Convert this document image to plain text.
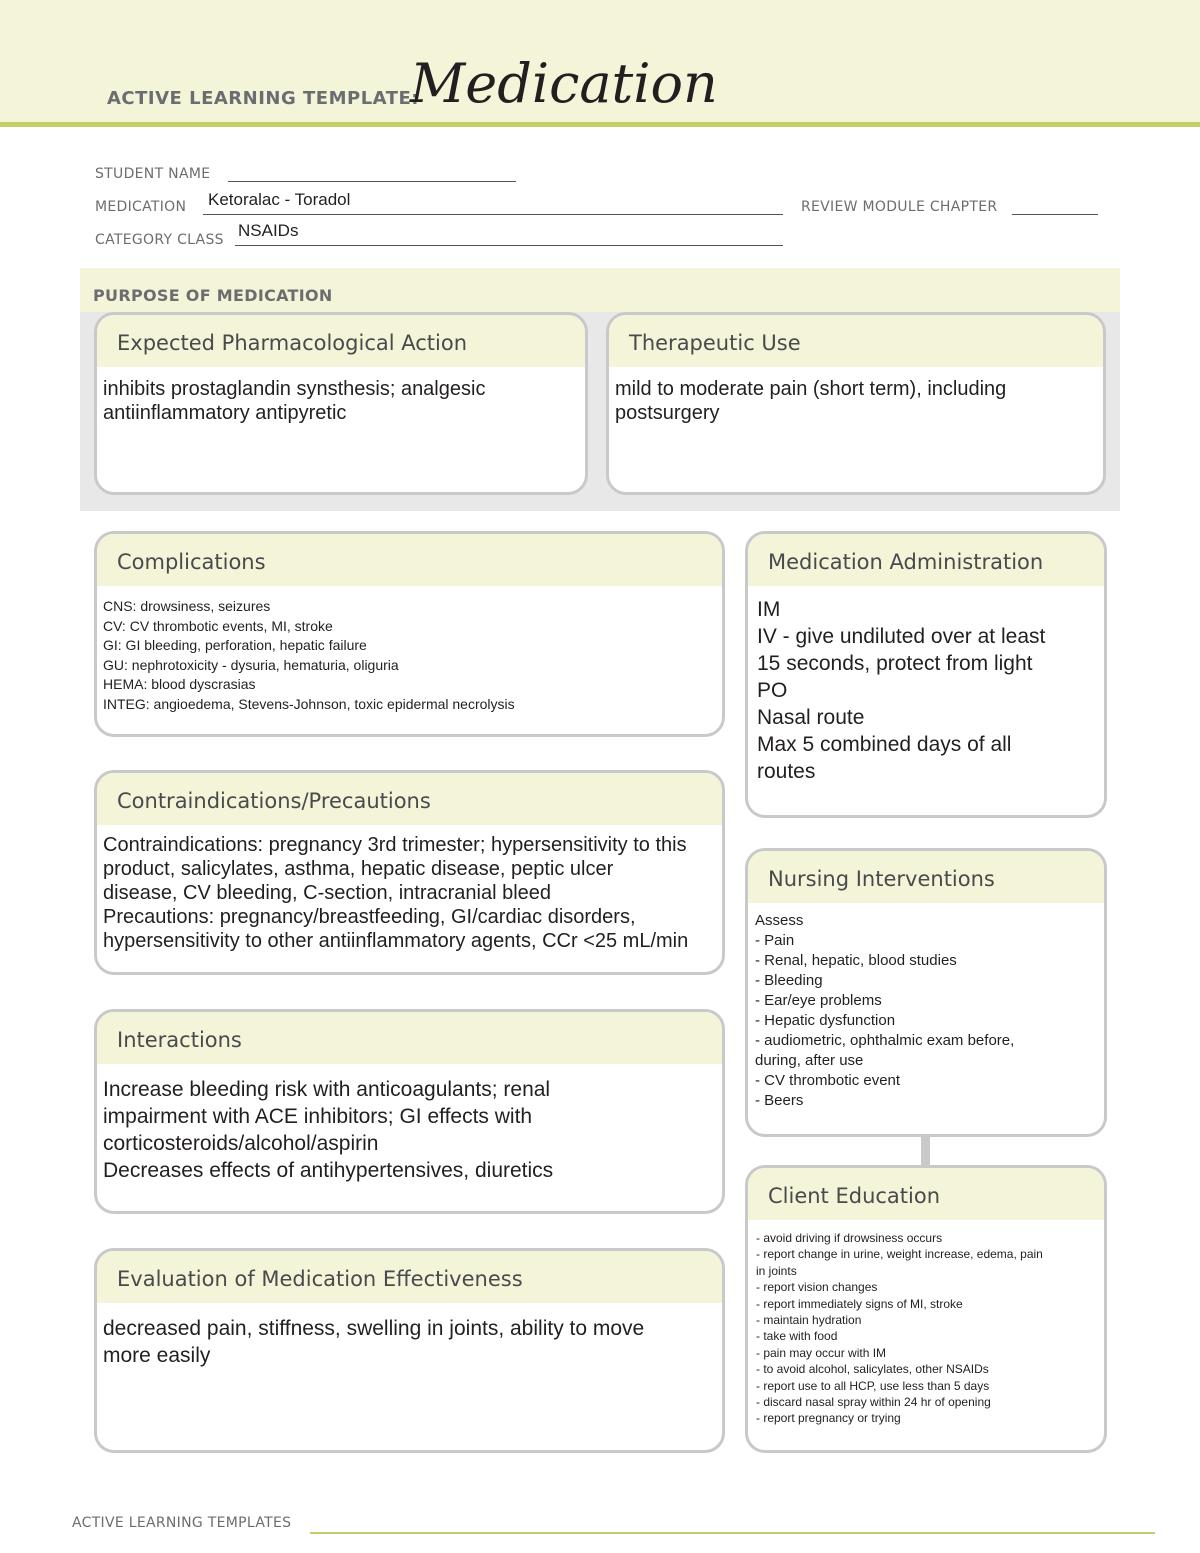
ACTIVE LEARNING TEMPLATE:
Medication
STUDENT NAME
MEDICATION Ketoralac - Toradol	REVIEW MODULE CHAPTER
CATEGORY CLASS NSAIDs
PURPOSE OF MEDICATION
Expected Pharmacological Action
inhibits prostaglandin synsthesis; analgesic
antiinflammatory antipyretic
Therapeutic Use
mild to moderate pain (short term), including
postsurgery
Complications
CNS: drowsiness, seizures
CV: CV thrombotic events, MI, stroke
GI: GI bleeding, perforation, hepatic failure
GU: nephrotoxicity - dysuria, hematuria, oliguria
HEMA: blood dyscrasias
INTEG: angioedema, Stevens-Johnson, toxic epidermal necrolysis
Contraindications/Precautions
Contraindications: pregnancy 3rd trimester; hypersensitivity to this
product, salicylates, asthma, hepatic disease, peptic ulcer
disease, CV bleeding, C-section, intracranial bleed
Precautions: pregnancy/breastfeeding, GI/cardiac disorders,
hypersensitivity to other antiinflammatory agents, CCr <25 mL/min
Interactions
Increase bleeding risk with anticoagulants; renal
impairment with ACE inhibitors; GI effects with
corticosteroids/alcohol/aspirin
Decreases effects of antihypertensives, diuretics
Evaluation of Medication Effectiveness
decreased pain, stiffness, swelling in joints, ability to move
more easily
Medication Administration
IM
IV - give undiluted over at least
15 seconds, protect from light
PO
Nasal route
Max 5 combined days of all
routes
Nursing Interventions
Assess
- Pain
- Renal, hepatic, blood studies
- Bleeding
- Ear/eye problems
- Hepatic dysfunction
- audiometric, ophthalmic exam before,
during, after use
- CV thrombotic event
- Beers
Client Education
- avoid driving if drowsiness occurs
- report change in urine, weight increase, edema, pain
in joints
- report vision changes
- report immediately signs of MI, stroke
- maintain hydration
- take with food
- pain may occur with IM
- to avoid alcohol, salicylates, other NSAIDs
- report use to all HCP, use less than 5 days
- discard nasal spray within 24 hr of opening
- report pregnancy or trying
ACTIVE LEARNING TEMPLATES
